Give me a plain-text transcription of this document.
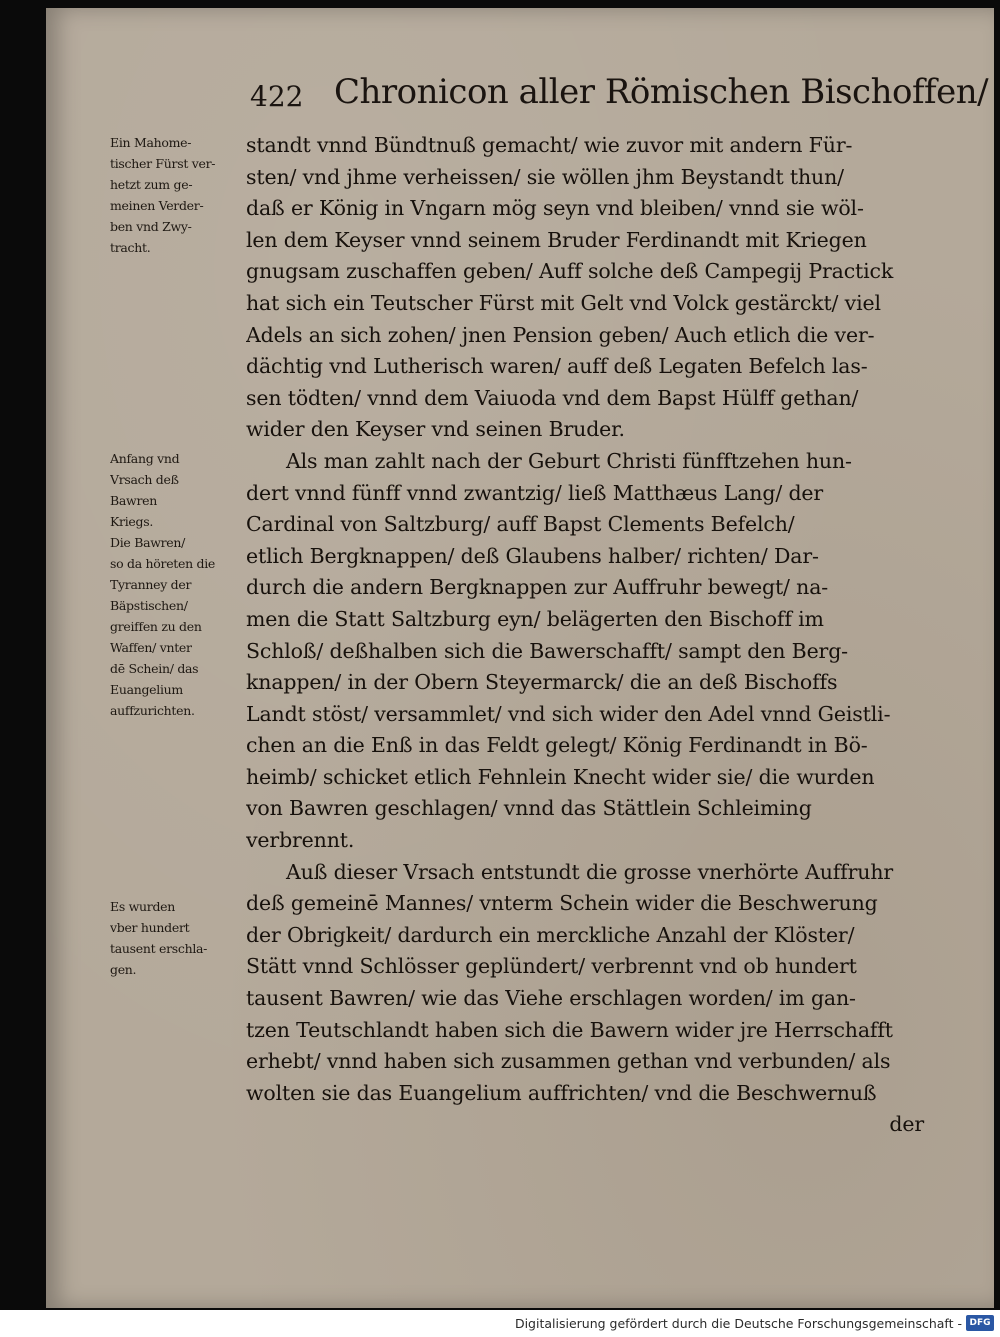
422 Chronicon aller Römischen Bischoffen/
Ein Mahome-
tischer Fürst ver-
hetzt zum ge-
meinen Verder-
ben vnd Zwy-
tracht.
Anfang vnd
Vrsach deß
Bawren
Kriegs.
Die Bawren/
so da höreten die
Tyranney der
Bäpstischen/
greiffen zu den
Waffen/ vnter
dē Schein/ das
Euangelium
auffzurichten.
Es wurden
vber hundert
tausent erschla-
gen.
standt vnnd Bündtnuß gemacht/ wie zuvor mit andern Für-
sten/ vnd jhme verheissen/ sie wöllen jhm Beystandt thun/
daß er König in Vngarn mög seyn vnd bleiben/ vnnd sie wöl-
len dem Keyser vnnd seinem Bruder Ferdinandt mit Kriegen
gnugsam zuschaffen geben/ Auff solche deß Campegij Practick
hat sich ein Teutscher Fürst mit Gelt vnd Volck gestärckt/ viel
Adels an sich zohen/ jnen Pension geben/ Auch etlich die ver-
dächtig vnd Lutherisch waren/ auff deß Legaten Befelch las-
sen tödten/ vnnd dem Vaiuoda vnd dem Bapst Hülff gethan/
wider den Keyser vnd seinen Bruder.
Als man zahlt nach der Geburt Christi fünfftzehen hun-
dert vnnd fünff vnnd zwantzig/ ließ Matthæus Lang/ der
Cardinal von Saltzburg/ auff Bapst Clements Befelch/
etlich Bergknappen/ deß Glaubens halber/ richten/ Dar-
durch die andern Bergknappen zur Auffruhr bewegt/ na-
men die Statt Saltzburg eyn/ belägerten den Bischoff im
Schloß/ deßhalben sich die Bawerschafft/ sampt den Berg-
knappen/ in der Obern Steyermarck/ die an deß Bischoffs
Landt stöst/ versammlet/ vnd sich wider den Adel vnnd Geistli-
chen an die Enß in das Feldt gelegt/ König Ferdinandt in Bö-
heimb/ schicket etlich Fehnlein Knecht wider sie/ die wurden
von Bawren geschlagen/ vnnd das Stättlein Schleiming
verbrennt.
Auß dieser Vrsach entstundt die grosse vnerhörte Auffruhr
deß gemeinē Mannes/ vnterm Schein wider die Beschwerung
der Obrigkeit/ dardurch ein merckliche Anzahl der Klöster/
Stätt vnnd Schlösser geplündert/ verbrennt vnd ob hundert
tausent Bawren/ wie das Viehe erschlagen worden/ im gan-
tzen Teutschlandt haben sich die Bawern wider jre Herrschafft
erhebt/ vnnd haben sich zusammen gethan vnd verbunden/ als
wolten sie das Euangelium auffrichten/ vnd die Beschwernuß
der
Digitalisierung gefördert durch die Deutsche Forschungsgemeinschaft - DFG
